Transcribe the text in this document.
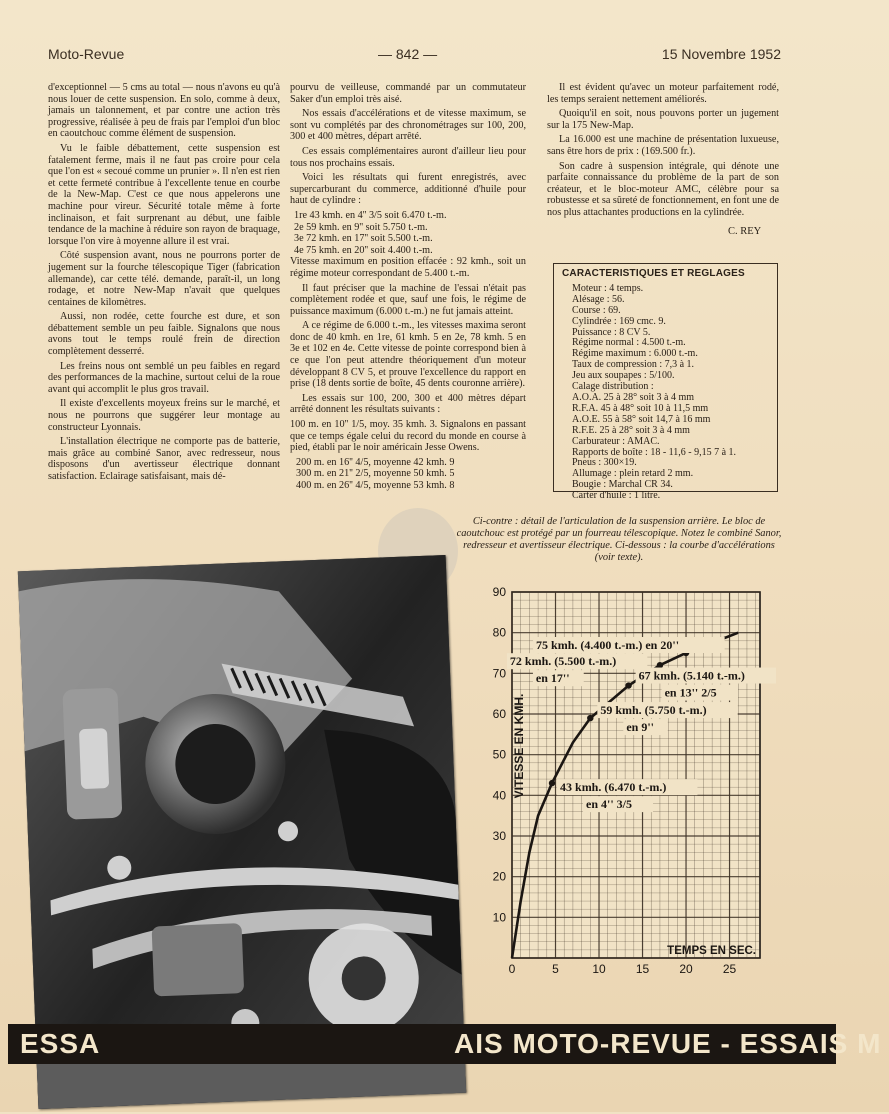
Moto-Revue	— 842 —	15 Novembre 1952

d'exceptionnel — 5 cms au total — nous n'avons eu qu'à nous louer de cette suspension. En solo, comme à deux, jamais un talonnement, et par contre une action très progressive, réalisée à peu de frais par l'emploi d'un bloc en caoutchouc comme élément de suspension.

Vu le faible débattement, cette suspension est fatalement ferme, mais il ne faut pas croire pour cela que l'on est « secoué comme un prunier ». Il n'en est rien et cette fermeté contribue à l'excellente tenue en courbe de la New-Map. C'est ce que nous appelerons une machine pour vireur. Sécurité totale même à forte inclinaison, et fait surprenant au début, une faible tendance de la machine à réduire son rayon de braquage, lorsque l'on vire à moyenne allure il est vrai.

Côté suspension avant, nous ne pourrons porter de jugement sur la fourche télescopique Tiger (fabrication allemande), car cette télé. demande, paraît-il, un long rodage, et notre New-Map n'avait que quelques centaines de kilomètres.

Aussi, non rodée, cette fourche est dure, et son débattement semble un peu faible. Signalons que nous avons tout le temps roulé frein de direction complètement desserré.

Les freins nous ont semblé un peu faibles en regard des performances de la machine, surtout celui de la roue avant qui accomplit le plus gros travail.

Il existe d'excellents moyeux freins sur le marché, et nous ne pourrons que suggérer leur montage au constructeur Lyonnais.

L'installation électrique ne comporte pas de batterie, mais grâce au combiné Sanor, avec redresseur, nous disposons d'un avertisseur électrique donnant satisfaction. Eclairage satisfaisant, mais dé-

pourvu de veilleuse, commandé par un commutateur Saker d'un emploi très aisé.

Nos essais d'accélérations et de vitesse maximum, se sont vu complétés par des chronométrages sur 100, 200, 300 et 400 mètres, départ arrêté.

Ces essais complémentaires auront d'ailleur lieu pour tous nos prochains essais.

Voici les résultats qui furent enregistrés, avec supercarburant du commerce, additionné d'huile pour haut de cylindre :

1re 43 kmh. en 4'' 3/5 soit 6.470 t.-m.

2e 59 kmh. en 9'' soit 5.750 t.-m.

3e 72 kmh. en 17'' soit 5.500 t.-m.

4e 75 kmh. en 20'' soit 4.400 t.-m.

Vitesse maximum en position effacée : 92 kmh., soit un régime moteur correspondant de 5.400 t.-m.

Il faut préciser que la machine de l'essai n'était pas complètement rodée et que, sauf une fois, le régime de puissance maximum (6.000 t.-m.) ne fut jamais atteint.

A ce régime de 6.000 t.-m., les vitesses maxima seront donc de 40 kmh. en 1re, 61 kmh. 5 en 2e, 78 kmh. 5 en 3e et 102 en 4e. Cette vitesse de pointe correspond bien à ce que l'on peut attendre théoriquement d'un moteur développant 8 CV 5, et prouve l'excellence du rapport en prise (18 dents sortie de boîte, 45 dents couronne arrière).

Les essais sur 100, 200, 300 et 400 mètres départ arrêté donnent les résultats suivants :

100 m. en 10'' 1/5, moy. 35 kmh. 3. Signalons en passant que ce temps égale celui du record du monde en course à pied, établi par le noir américain Jesse Owens.

200 m. en 16'' 4/5, moyenne 42 kmh. 9

300 m. en 21'' 2/5, moyenne 50 kmh. 5

400 m. en 26'' 4/5, moyenne 53 kmh. 8

Il est évident qu'avec un moteur parfaitement rodé, les temps seraient nettement améliorés.

Quoiqu'il en soit, nous pouvons porter un jugement sur la 175 New-Map.

La 16.000 est une machine de présentation luxueuse, sans être hors de prix : (169.500 fr.).

Son cadre à suspension intégrale, qui dénote une parfaite connaissance du problème de la part de son créateur, et le bloc-moteur AMC, célèbre pour sa robustesse et sa sûreté de fonctionnement, en font une de nos plus attachantes productions en la cylindrée.

C. REY
CARACTERISTIQUES ET REGLAGES
Moteur : 4 temps.
Alésage : 56.
Course : 69.
Cylindrée : 169 cmc. 9.
Puissance : 8 CV 5.
Régime normal : 4.500 t.-m.
Régime maximum : 6.000 t.-m.
Taux de compression : 7,3 à 1.
Jeu aux soupapes : 5/100.
Calage distribution :
A.O.A. 25 à 28° soit 3 à 4 mm
R.F.A. 45 à 48° soit 10 à 11,5 mm
A.O.E. 55 à 58° soit 14,7 à 16 mm
R.F.E. 25 à 28° soit 3 à 4 mm
Carburateur : AMAC.
Rapports de boîte : 18 - 11,6 - 9,15 7 à 1.
Pneus : 300×19.
Allumage : plein retard 2 mm.
Bougie : Marchal CR 34.
Carter d'huile : 1 litre.
Ci-contre : détail de l'articulation de la suspension arrière. Le bloc de caoutchouc est protégé par un fourreau télescopique. Notez le combiné Sanor, redresseur et avertisseur électrique. Ci-dessous : la courbe d'accélérations (voir texte).
10
20
30
40
50
60
70
80
90
0	5	10	15	20	25
75 kmh. (4.400 t.-m.) en 20''
72 kmh. (5.500 t.-m.)
en 17''	67 kmh. (5.140 t.-m.)
en 13'' 2/5
59 kmh. (5.750 t.-m.)
en 9''
43 kmh. (6.470 t.-m.)
en 4'' 3/5
VITESSE EN KMH.
TEMPS EN SEC.
ESSA	AIS MOTO-REVUE - ESSAIS M
